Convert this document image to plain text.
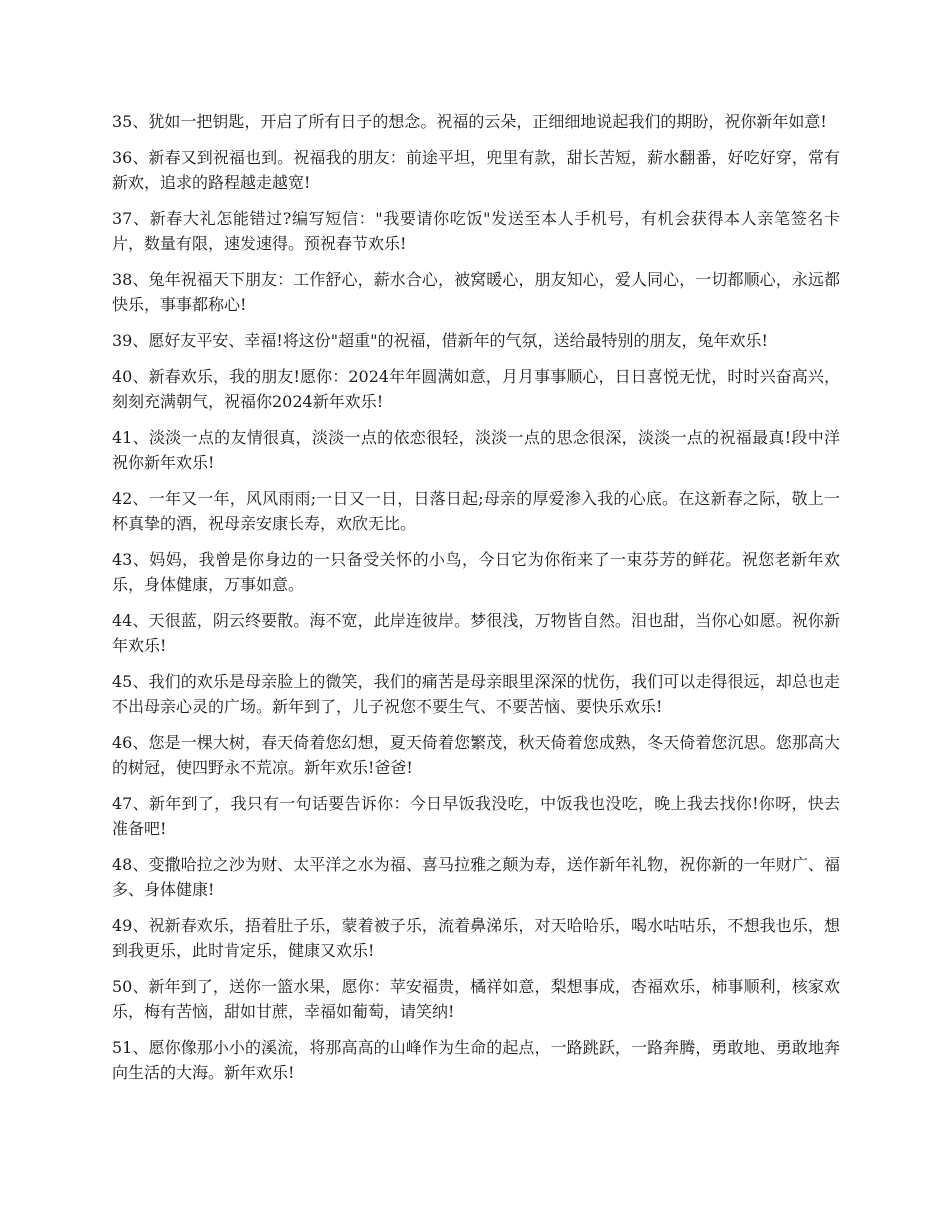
35、犹如一把钥匙，开启了所有日子的想念。祝福的云朵，正细细地说起我们的期盼，祝你新年如意!

36、新春又到祝福也到。祝福我的朋友：前途平坦，兜里有款，甜长苦短，薪水翻番，好吃好穿，常有新欢，追求的路程越走越宽!

37、新春大礼怎能错过?编写短信："我要请你吃饭"发送至本人手机号，有机会获得本人亲笔签名卡片，数量有限，速发速得。预祝春节欢乐!

38、兔年祝福天下朋友：工作舒心，薪水合心，被窝暖心，朋友知心，爱人同心，一切都顺心，永远都快乐，事事都称心!

39、愿好友平安、幸福!将这份"超重"的祝福，借新年的气氛，送给最特别的朋友，兔年欢乐!

40、新春欢乐，我的朋友!愿你：2024年年圆满如意，月月事事顺心，日日喜悦无忧，时时兴奋高兴，刻刻充满朝气，祝福你2024新年欢乐!

41、淡淡一点的友情很真，淡淡一点的依恋很轻，淡淡一点的思念很深，淡淡一点的祝福最真!段中洋祝你新年欢乐!

42、一年又一年，风风雨雨;一日又一日，日落日起;母亲的厚爱渗入我的心底。在这新春之际，敬上一杯真挚的酒，祝母亲安康长寿，欢欣无比。

43、妈妈，我曾是你身边的一只备受关怀的小鸟，今日它为你衔来了一束芬芳的鲜花。祝您老新年欢乐，身体健康，万事如意。

44、天很蓝，阴云终要散。海不宽，此岸连彼岸。梦很浅，万物皆自然。泪也甜，当你心如愿。祝你新年欢乐!

45、我们的欢乐是母亲脸上的微笑，我们的痛苦是母亲眼里深深的忧伤，我们可以走得很远，却总也走不出母亲心灵的广场。新年到了，儿子祝您不要生气、不要苦恼、要快乐欢乐!

46、您是一棵大树，春天倚着您幻想，夏天倚着您繁茂，秋天倚着您成熟，冬天倚着您沉思。您那高大的树冠，使四野永不荒凉。新年欢乐!爸爸!

47、新年到了，我只有一句话要告诉你：今日早饭我没吃，中饭我也没吃，晚上我去找你!你呀，快去准备吧!

48、变撒哈拉之沙为财、太平洋之水为福、喜马拉雅之颠为寿，送作新年礼物，祝你新的一年财广、福多、身体健康!

49、祝新春欢乐，捂着肚子乐，蒙着被子乐，流着鼻涕乐，对天哈哈乐，喝水咕咕乐，不想我也乐，想到我更乐，此时肯定乐，健康又欢乐!

50、新年到了，送你一篮水果，愿你：苹安福贵，橘祥如意，梨想事成，杏福欢乐，柿事顺利，核家欢乐，梅有苦恼，甜如甘蔗，幸福如葡萄，请笑纳!

51、愿你像那小小的溪流，将那高高的山峰作为生命的起点，一路跳跃，一路奔腾，勇敢地、勇敢地奔向生活的大海。新年欢乐!
